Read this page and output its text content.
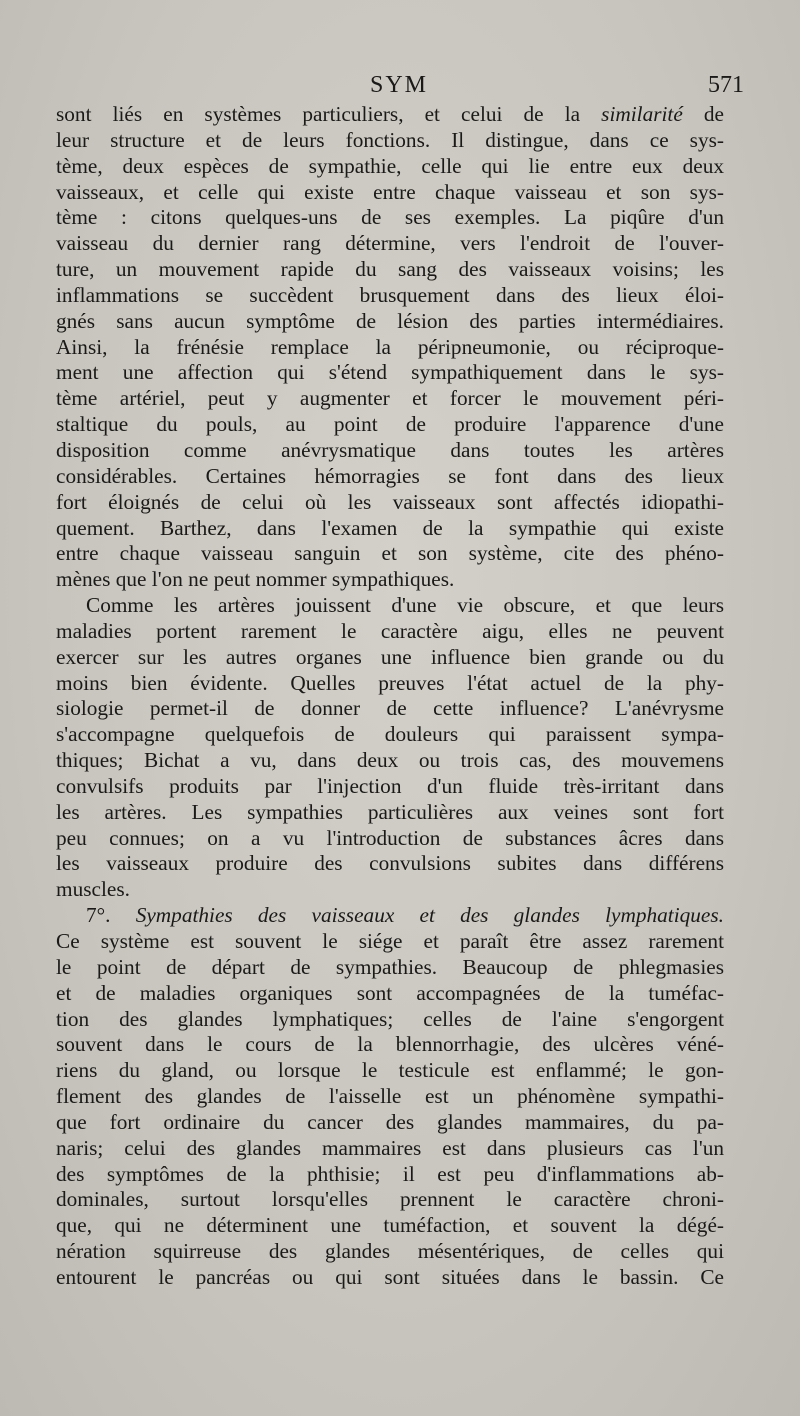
SYM	571
sont liés en systèmes particuliers, et celui de la similarité de
leur structure et de leurs fonctions. Il distingue, dans ce sys-
tème, deux espèces de sympathie, celle qui lie entre eux deux
vaisseaux, et celle qui existe entre chaque vaisseau et son sys-
tème : citons quelques-uns de ses exemples. La piqûre d'un
vaisseau du dernier rang détermine, vers l'endroit de l'ouver-
ture, un mouvement rapide du sang des vaisseaux voisins; les
inflammations se succèdent brusquement dans des lieux éloi-
gnés sans aucun symptôme de lésion des parties intermédiaires.
Ainsi, la frénésie remplace la péripneumonie, ou réciproque-
ment une affection qui s'étend sympathiquement dans le sys-
tème artériel, peut y augmenter et forcer le mouvement péri-
staltique du pouls, au point de produire l'apparence d'une
disposition comme anévrysmatique dans toutes les artères
considérables. Certaines hémorragies se font dans des lieux
fort éloignés de celui où les vaisseaux sont affectés idiopathi-
quement. Barthez, dans l'examen de la sympathie qui existe
entre chaque vaisseau sanguin et son système, cite des phéno-
mènes que l'on ne peut nommer sympathiques.
Comme les artères jouissent d'une vie obscure, et que leurs
maladies portent rarement le caractère aigu, elles ne peuvent
exercer sur les autres organes une influence bien grande ou du
moins bien évidente. Quelles preuves l'état actuel de la phy-
siologie permet-il de donner de cette influence? L'anévrysme
s'accompagne quelquefois de douleurs qui paraissent sympa-
thiques; Bichat a vu, dans deux ou trois cas, des mouvemens
convulsifs produits par l'injection d'un fluide très-irritant dans
les artères. Les sympathies particulières aux veines sont fort
peu connues; on a vu l'introduction de substances âcres dans
les vaisseaux produire des convulsions subites dans différens
muscles.
7°. Sympathies des vaisseaux et des glandes lymphatiques.
Ce système est souvent le siége et paraît être assez rarement
le point de départ de sympathies. Beaucoup de phlegmasies
et de maladies organiques sont accompagnées de la tuméfac-
tion des glandes lymphatiques; celles de l'aine s'engorgent
souvent dans le cours de la blennorrhagie, des ulcères véné-
riens du gland, ou lorsque le testicule est enflammé; le gon-
flement des glandes de l'aisselle est un phénomène sympathi-
que fort ordinaire du cancer des glandes mammaires, du pa-
naris; celui des glandes mammaires est dans plusieurs cas l'un
des symptômes de la phthisie; il est peu d'inflammations ab-
dominales, surtout lorsqu'elles prennent le caractère chroni-
que, qui ne déterminent une tuméfaction, et souvent la dégé-
nération squirreuse des glandes mésentériques, de celles qui
entourent le pancréas ou qui sont situées dans le bassin. Ce
